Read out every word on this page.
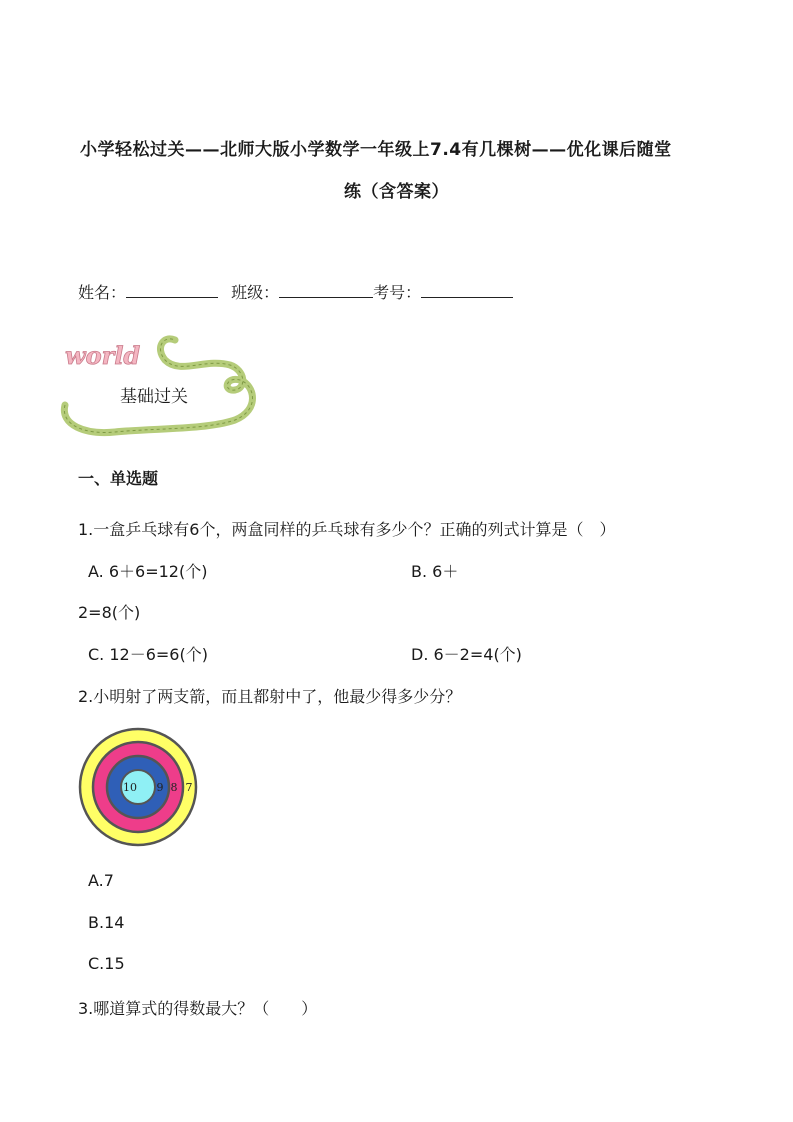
小学轻松过关——北师大版小学数学一年级上7.4有几棵树——优化课后随堂
练（含答案）
姓名：	班级：	考号：
world
基础过关
一、单选题
1.一盒乒乓球有6个，两盒同样的乒乓球有多少个？正确的列式计算是（　）
A. 6＋6=12(个)	B. 6＋
2=8(个)
C. 12－6=6(个)	D. 6－2=4(个)
2.小明射了两支箭，而且都射中了，他最少得多少分？
10 9 8 7
A.7
B.14
C.15
3.哪道算式的得数最大？（　　）
